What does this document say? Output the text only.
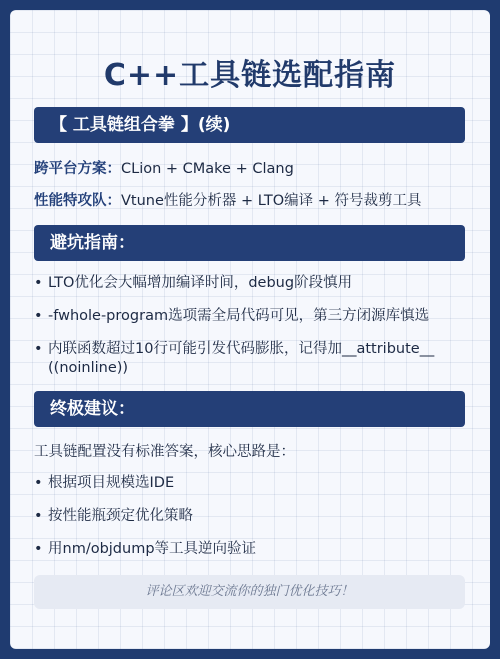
C++工具链选配指南
【 工具链组合拳 】(续)
跨平台方案：CLion + CMake + Clang
性能特攻队：Vtune性能分析器 + LTO编译 + 符号裁剪工具
避坑指南：
• LTO优化会大幅增加编译时间，debug阶段慎用
• -fwhole-program选项需全局代码可见，第三方闭源库慎选
• 内联函数超过10行可能引发代码膨胀，记得加__attribute__((noinline))
终极建议：
工具链配置没有标准答案，核心思路是：
• 根据项目规模选IDE
• 按性能瓶颈定优化策略
• 用nm/objdump等工具逆向验证
评论区欢迎交流你的独门优化技巧！
